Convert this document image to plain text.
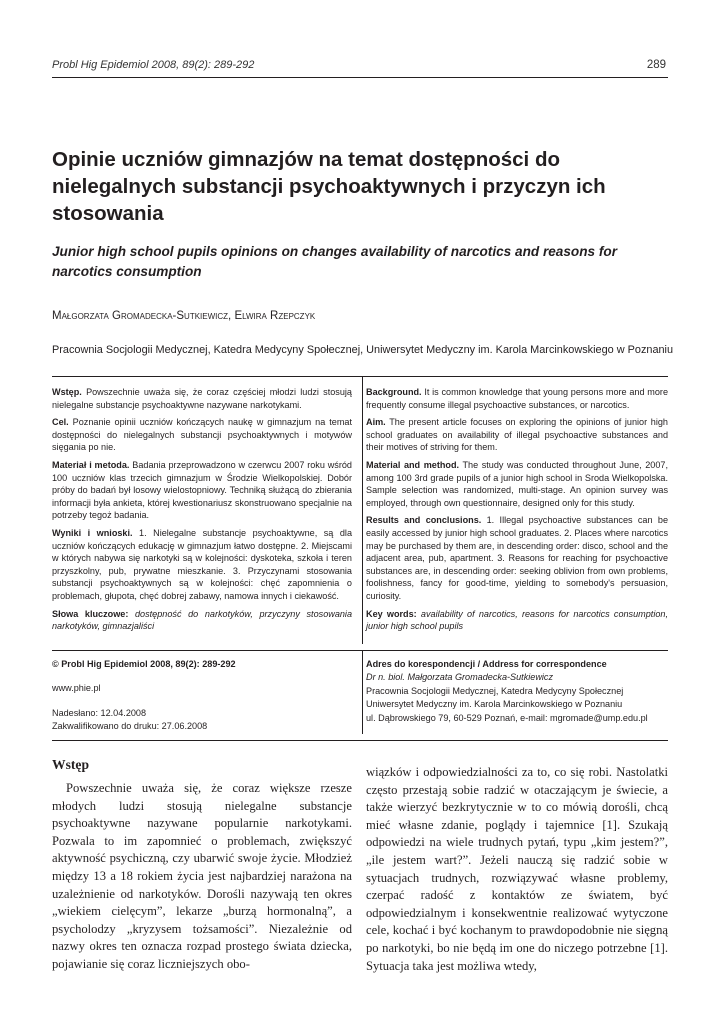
Probl Hig Epidemiol 2008, 89(2): 289-292	289
Opinie uczniów gimnazjów na temat dostępności do nielegalnych substancji psychoaktywnych i przyczyn ich stosowania
Junior high school pupils opinions on changes availability of narcotics and reasons for narcotics consumption
Małgorzata Gromadecka-Sutkiewicz, Elwira Rzepczyk
Pracownia Socjologii Medycznej, Katedra Medycyny Społecznej, Uniwersytet Medyczny im. Karola Marcinkowskiego w Poznaniu

Wstęp. Powszechnie uważa się, że coraz częściej młodzi ludzi stosują nielegalne substancje psychoaktywne nazywane narkotykami.

Cel. Poznanie opinii uczniów kończących naukę w gimnazjum na temat dostępności do nielegalnych substancji psychoaktywnych i motywów sięgania po nie.

Materiał i metoda. Badania przeprowadzono w czerwcu 2007 roku wśród 100 uczniów klas trzecich gimnazjum w Środzie Wielkopolskiej. Dobór próby do badań był losowy wielostopniowy. Techniką służącą do zbierania informacji była ankieta, której kwestionariusz skonstruowano specjalnie na potrzeby tegoż badania.

Wyniki i wnioski. 1. Nielegalne substancje psychoaktywne, są dla uczniów kończących edukację w gimnazjum łatwo dostępne. 2. Miejscami w których nabywa się narkotyki są w kolejności: dyskoteka, szkoła i teren przyszkolny, pub, prywatne mieszkanie. 3. Przyczynami stosowania substancji psychoaktywnych są w kolejności: chęć zapomnienia o problemach, głupota, chęć dobrej zabawy, namowa innych i ciekawość.

Słowa kluczowe: dostępność do narkotyków, przyczyny stosowania narkotyków, gimnazjaliści

Background. It is common knowledge that young persons more and more frequently consume illegal psychoactive substances, or narcotics.

Aim. The present article focuses on exploring the opinions of junior high school graduates on availability of illegal psychoactive substances and their motives of striving for them.

Material and method. The study was conducted throughout June, 2007, among 100 3rd grade pupils of a junior high school in Sroda Wielkopolska. Sample selection was randomized, multi-stage. An opinion survey was employed, through own questionnaire, designed only for this study.

Results and conclusions. 1. Illegal psychoactive substances can be easily accessed by junior high school graduates. 2. Places where narcotics may be purchased by them are, in descending order: disco, school and the adjacent area, pub, apartment. 3. Reasons for reaching for psychoactive substances are, in descending order: seeking oblivion from own problems, foolishness, fancy for good-time, yielding to somebody's persuasion, curiosity.

Key words: availability of narcotics, reasons for narcotics consumption, junior high school pupils

© Probl Hig Epidemiol 2008, 89(2): 289-292

www.phie.pl

Nadesłano: 12.04.2008

Zakwalifikowano do druku: 27.06.2008

Adres do korespondencji / Address for correspondence

Dr n. biol. Małgorzata Gromadecka-Sutkiewicz

Pracownia Socjologii Medycznej, Katedra Medycyny Społecznej

Uniwersytet Medyczny im. Karola Marcinkowskiego w Poznaniu

ul. Dąbrowskiego 79, 60-529 Poznań, e-mail: mgromade@ump.edu.pl

Wstęp

Powszechnie uważa się, że coraz większe rzesze młodych ludzi stosują nielegalne substancje psychoaktywne nazywane popularnie narkotykami. Pozwala to im zapomnieć o problemach, zwiększyć aktywność psychiczną, czy ubarwić swoje życie. Młodzież między 13 a 18 rokiem życia jest najbardziej narażona na uzależnienie od narkotyków. Dorośli nazywają ten okres „wiekiem cielęcym”, lekarze „burzą hormonalną”, a psycholodzy „kryzysem tożsamości”. Niezależnie od nazwy okres ten oznacza rozpad prostego świata dziecka, pojawianie się coraz liczniejszych obo-

wiązków i odpowiedzialności za to, co się robi. Nastolatki często przestają sobie radzić w otaczającym je świecie, a także wierzyć bezkrytycznie w to co mówią dorośli, chcą mieć własne zdanie, poglądy i tajemnice [1]. Szukają odpowiedzi na wiele trudnych pytań, typu „kim jestem?”, „ile jestem wart?”. Jeżeli nauczą się radzić sobie w sytuacjach trudnych, rozwiązywać własne problemy, czerpać radość z kontaktów ze światem, być odpowiedzialnym i konsekwentnie realizować wytyczone cele, kochać i być kochanym to prawdopodobnie nie sięgną po narkotyki, bo nie będą im one do niczego potrzebne [1]. Sytuacja taka jest możliwa wtedy,
